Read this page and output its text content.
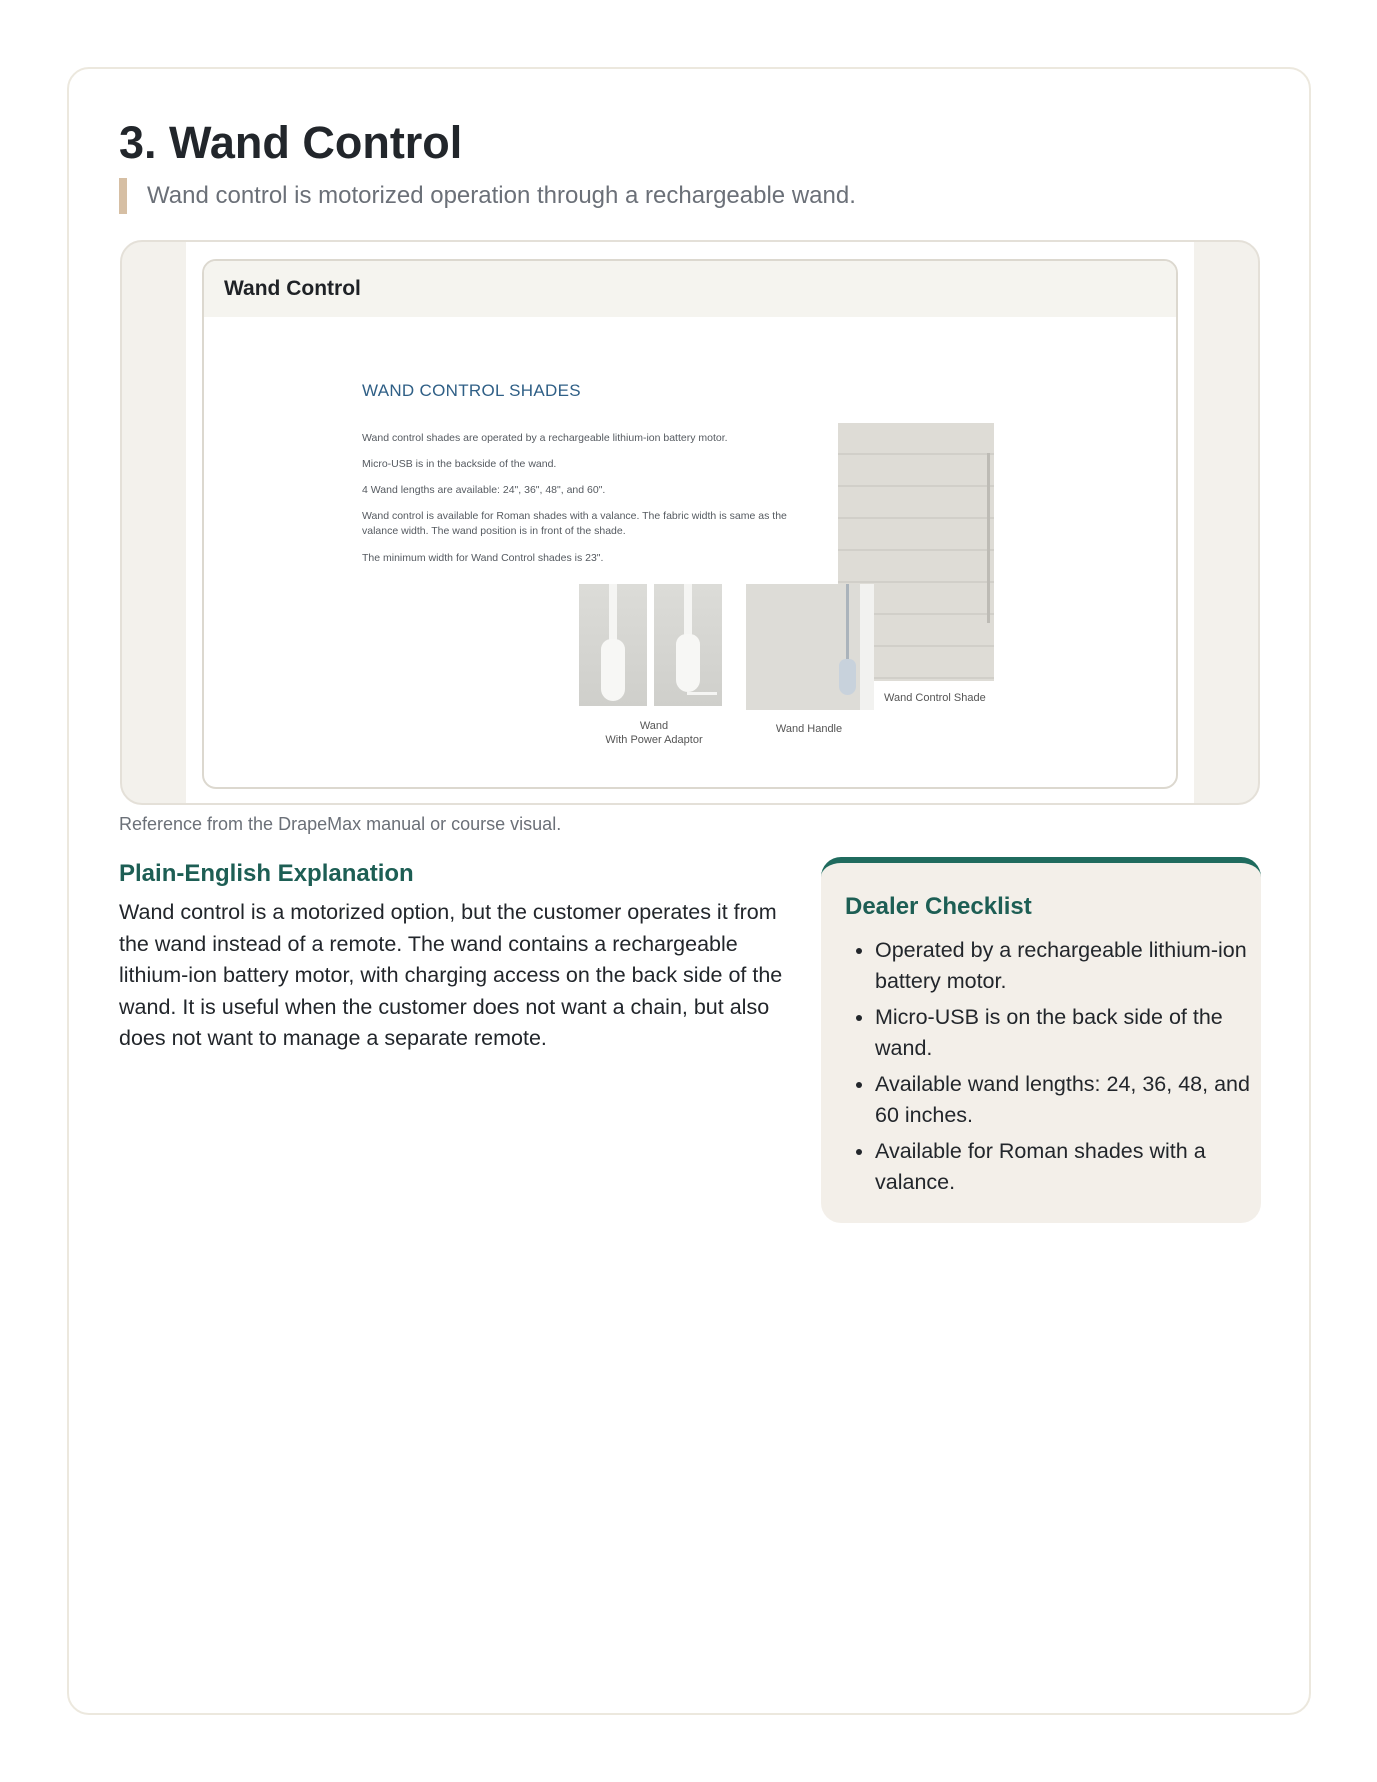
3. Wand Control
Wand control is motorized operation through a rechargeable wand.
Wand Control
WAND CONTROL SHADES
Wand control shades are operated by a rechargeable lithium-ion battery motor.
Micro-USB is in the backside of the wand.
4 Wand lengths are available: 24", 36", 48", and 60".
Wand control is available for Roman shades with a valance. The fabric width is same as the valance width. The wand position is in front of the shade.
The minimum width for Wand Control shades is 23".
Wand
With Power Adaptor
Wand Handle
Wand Control Shade
Reference from the DrapeMax manual or course visual.
Plain-English Explanation

Wand control is a motorized option, but the customer operates it from the wand instead of a remote. The wand contains a rechargeable lithium-ion battery motor, with charging access on the back side of the wand. It is useful when the customer does not want a chain, but also does not want to manage a separate remote.

Dealer Checklist
• Operated by a rechargeable lithium-ion battery motor.
• Micro-USB is on the back side of the wand.
• Available wand lengths: 24, 36, 48, and 60 inches.
• Available for Roman shades with a valance.
